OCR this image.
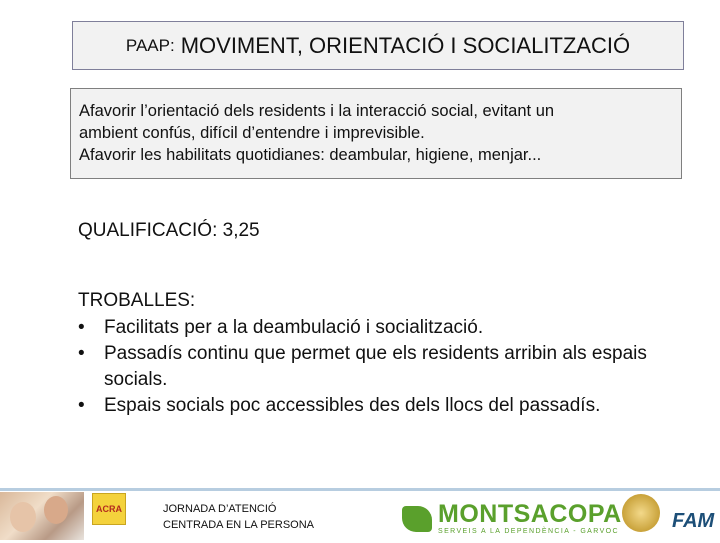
PAAP: MOVIMENT, ORIENTACIÓ I SOCIALITZACIÓ
Afavorir l’orientació dels residents i la interacció social, evitant un
ambient confús, difícil d’entendre i imprevisible.
Afavorir les habilitats quotidianes: deambular, higiene, menjar...
QUALIFICACIÓ: 3,25
TROBALLES:
•	Facilitats per a la deambulació i socialització.
•	Passadís continu que permet que els residents arribin als espais socials.
•	Espais socials poc accessibles des dels llocs del passadís.
ACRA	JORNADA D’ATENCIÓ
CENTRADA EN LA PERSONA	MONTSACOPA
SERVEIS A LA DEPENDÈNCIA - GARVOC	FAM
